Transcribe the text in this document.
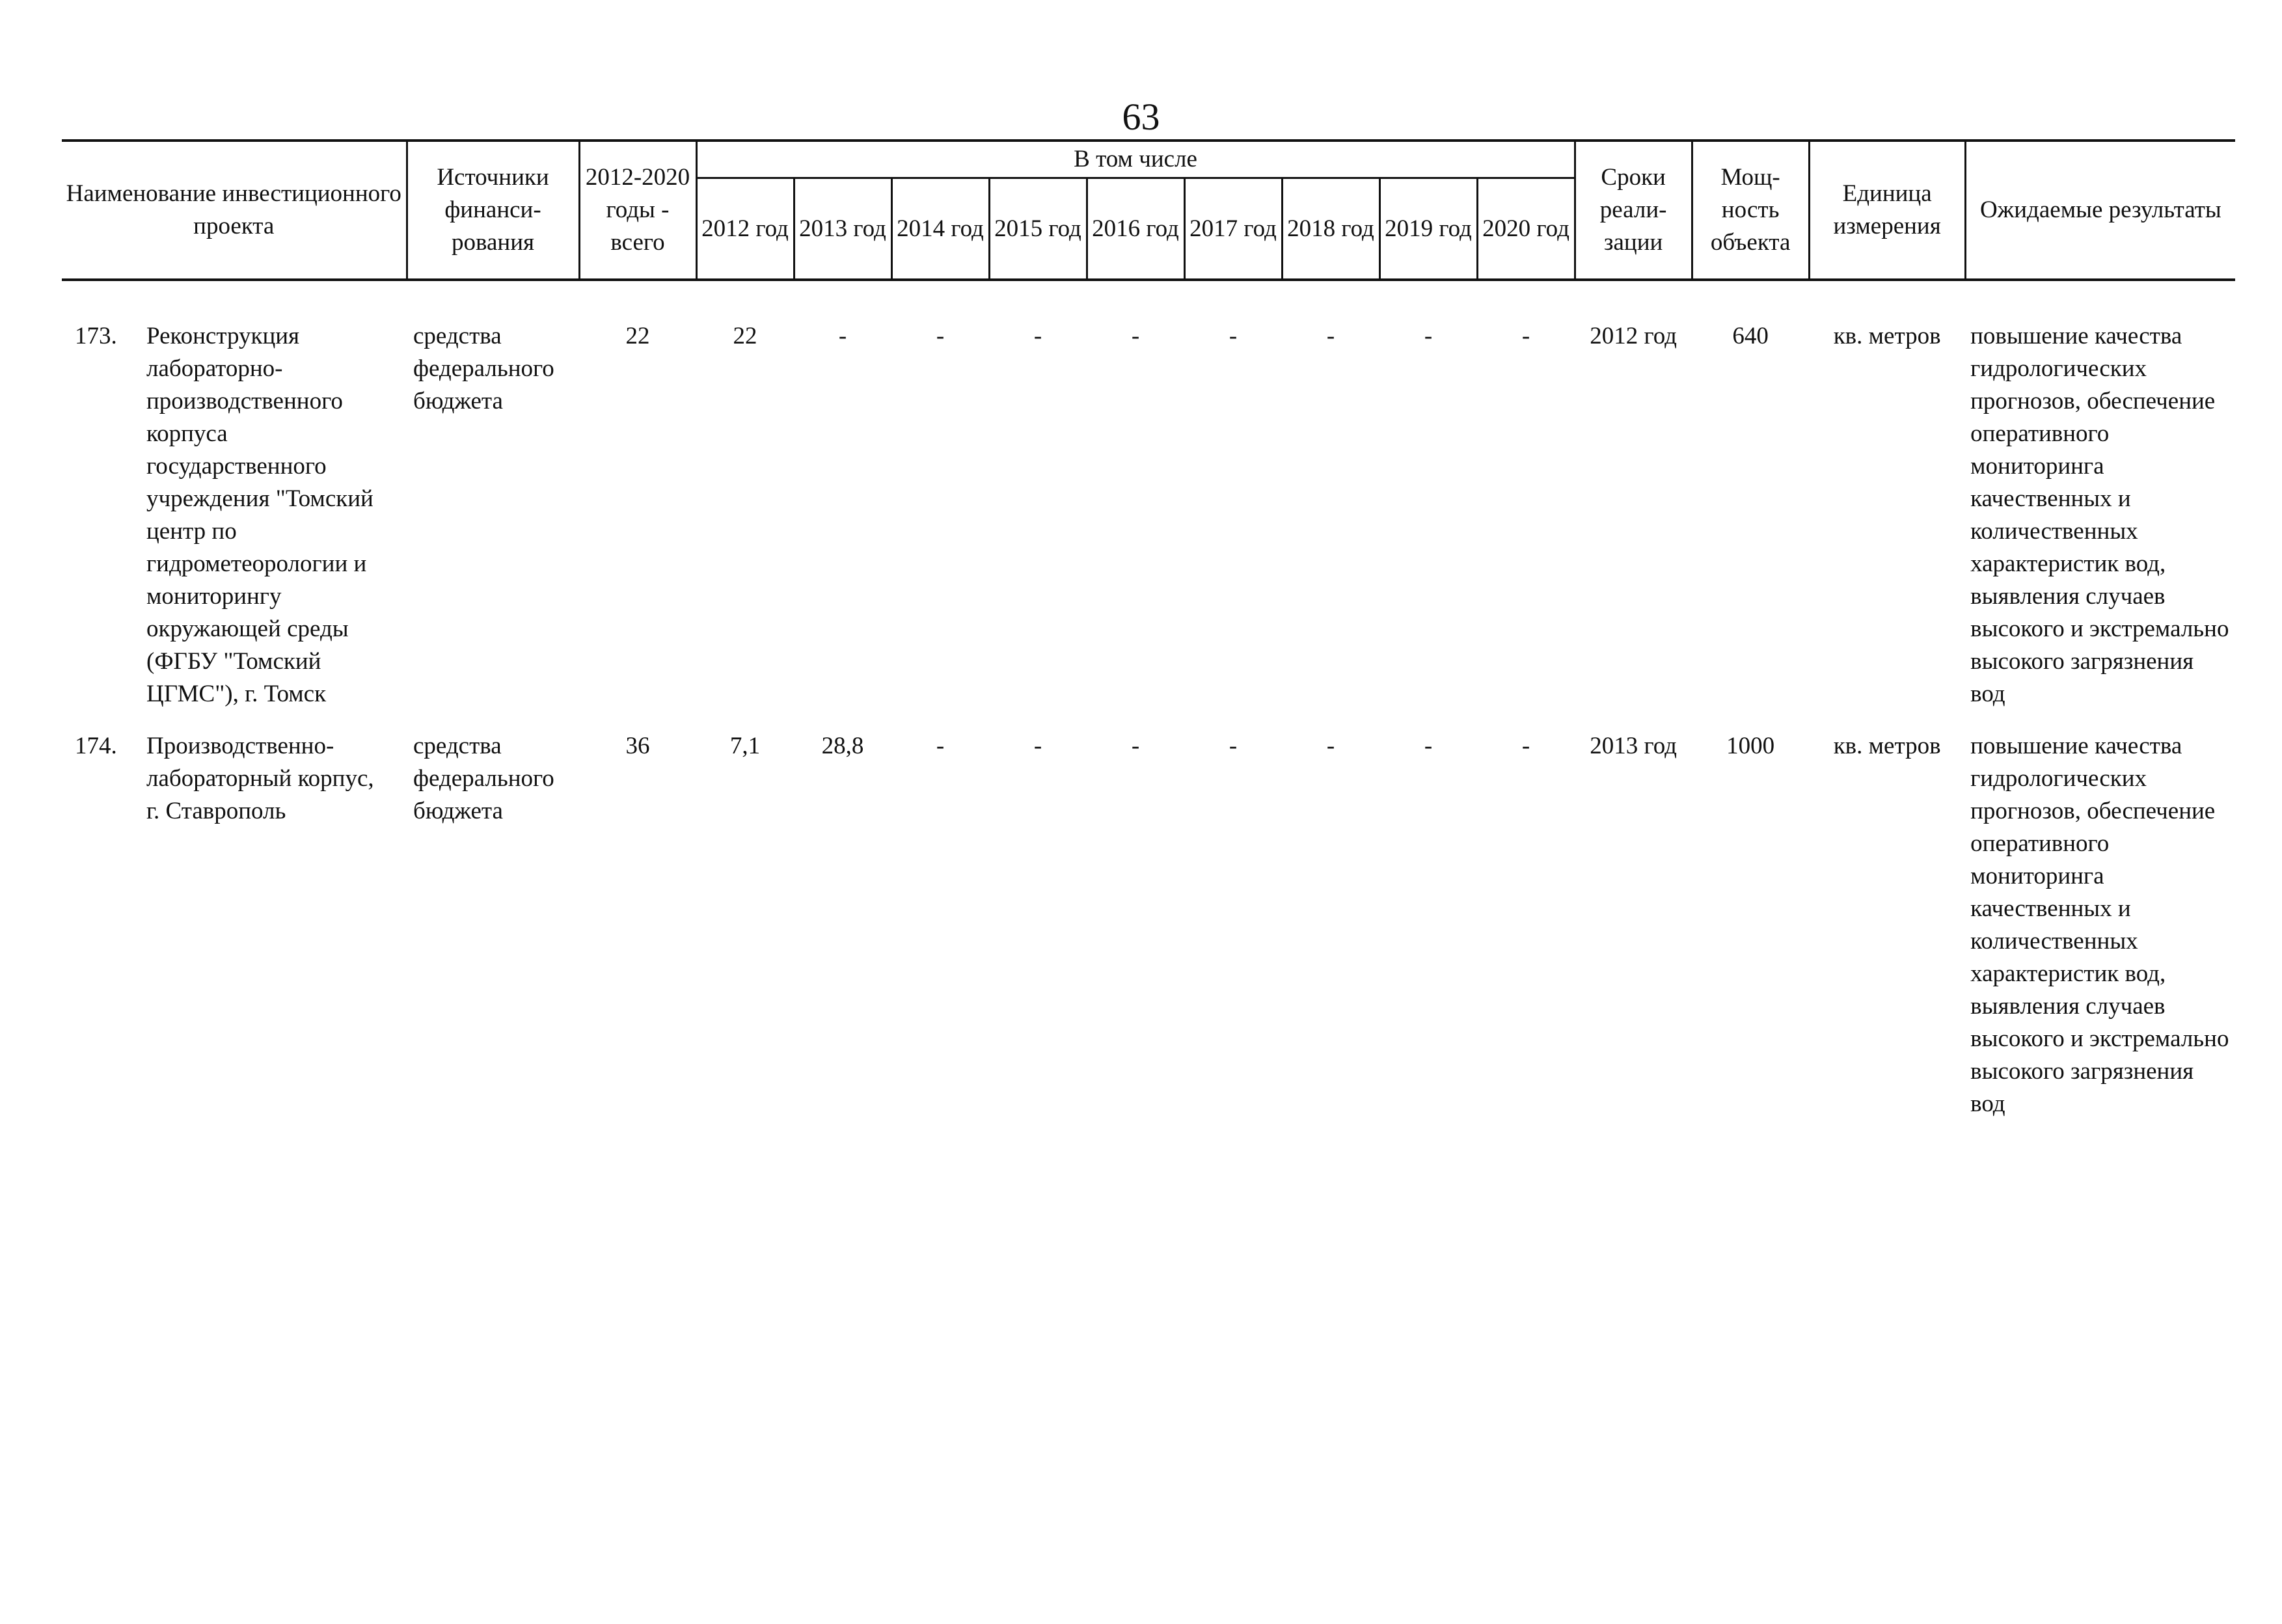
63
Наименование инвестиционного проекта	Источники финанси-рования	2012-2020 годы - всего	В том числе									Сроки реали-зации	Мощ-ность объекта	Единица измерения	Ожидаемые результаты
			2012 год	2013 год	2014 год	2015 год	2016 год	2017 год	2018 год	2019 год	2020 год				

173. Реконструкция лабораторно-производственного корпуса государственного учреждения "Томский центр по гидрометеорологии и мониторингу окружающей среды (ФГБУ "Томский ЦГМС"), г. Томск	средства федерального бюджета	22	22	-	-	-	-	-	-	-	-	2012 год	640	кв. метров	повышение качества гидрологических прогнозов, обеспечение оперативного мониторинга качественных и количественных характеристик вод, выявления случаев высокого и экстремально высокого загрязнения вод
174. Производственно-лабораторный корпус, г. Ставрополь	средства федерального бюджета	36	7,1	28,8	-	-	-	-	-	-	-	2013 год	1000	кв. метров	повышение качества гидрологических прогнозов, обеспечение оперативного мониторинга качественных и количественных характеристик вод, выявления случаев высокого и экстремально высокого загрязнения вод
